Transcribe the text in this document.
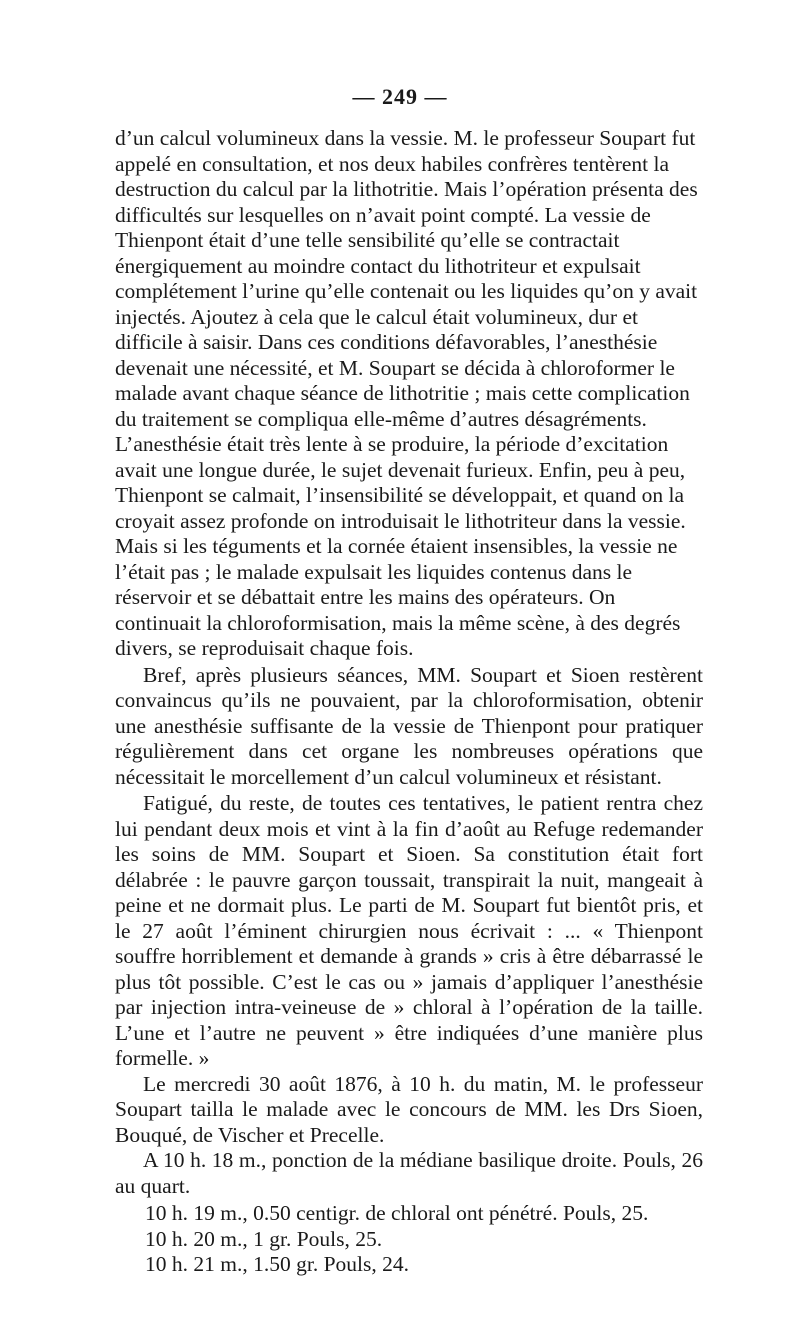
— 249 —

d’un calcul volumineux dans la vessie. M. le professeur Soupart fut appelé en consultation, et nos deux habiles confrères tentèrent la destruction du calcul par la lithotritie. Mais l’opération présenta des difficultés sur lesquelles on n’avait point compté. La vessie de Thienpont était d’une telle sensibilité qu’elle se contractait énergiquement au moindre contact du lithotriteur et expulsait complétement l’urine qu’elle contenait ou les liquides qu’on y avait injectés. Ajoutez à cela que le calcul était volumineux, dur et difficile à saisir. Dans ces conditions défavorables, l’anesthésie devenait une nécessité, et M. Soupart se décida à chloroformer le malade avant chaque séance de lithotritie ; mais cette complication du traitement se compliqua elle-même d’autres désagréments. L’anesthésie était très lente à se produire, la période d’excitation avait une longue durée, le sujet devenait furieux. Enfin, peu à peu, Thienpont se calmait, l’insensibilité se développait, et quand on la croyait assez profonde on introduisait le lithotriteur dans la vessie. Mais si les téguments et la cornée étaient insensibles, la vessie ne l’était pas ; le malade expulsait les liquides contenus dans le réservoir et se débattait entre les mains des opérateurs. On continuait la chloroformisation, mais la même scène, à des degrés divers, se reproduisait chaque fois.

Bref, après plusieurs séances, MM. Soupart et Sioen restèrent convaincus qu’ils ne pouvaient, par la chloroformisation, obtenir une anesthésie suffisante de la vessie de Thienpont pour pratiquer régulièrement dans cet organe les nombreuses opérations que nécessitait le morcellement d’un calcul volumineux et résistant.

Fatigué, du reste, de toutes ces tentatives, le patient rentra chez lui pendant deux mois et vint à la fin d’août au Refuge redemander les soins de MM. Soupart et Sioen. Sa constitution était fort délabrée : le pauvre garçon toussait, transpirait la nuit, mangeait à peine et ne dormait plus. Le parti de M. Soupart fut bientôt pris, et le 27 août l’éminent chirurgien nous écrivait : ... « Thienpont souffre horriblement et demande à grands » cris à être débarrassé le plus tôt possible. C’est le cas ou » jamais d’appliquer l’anesthésie par injection intra-veineuse de » chloral à l’opération de la taille. L’une et l’autre ne peuvent » être indiquées d’une manière plus formelle. »

Le mercredi 30 août 1876, à 10 h. du matin, M. le professeur Soupart tailla le malade avec le concours de MM. les Drs Sioen, Bouqué, de Vischer et Precelle.

A 10 h. 18 m., ponction de la médiane basilique droite. Pouls, 26 au quart.

10 h. 19 m., 0.50 centigr. de chloral ont pénétré. Pouls, 25.

10 h. 20 m., 1 gr. Pouls, 25.

10 h. 21 m., 1.50 gr. Pouls, 24.
